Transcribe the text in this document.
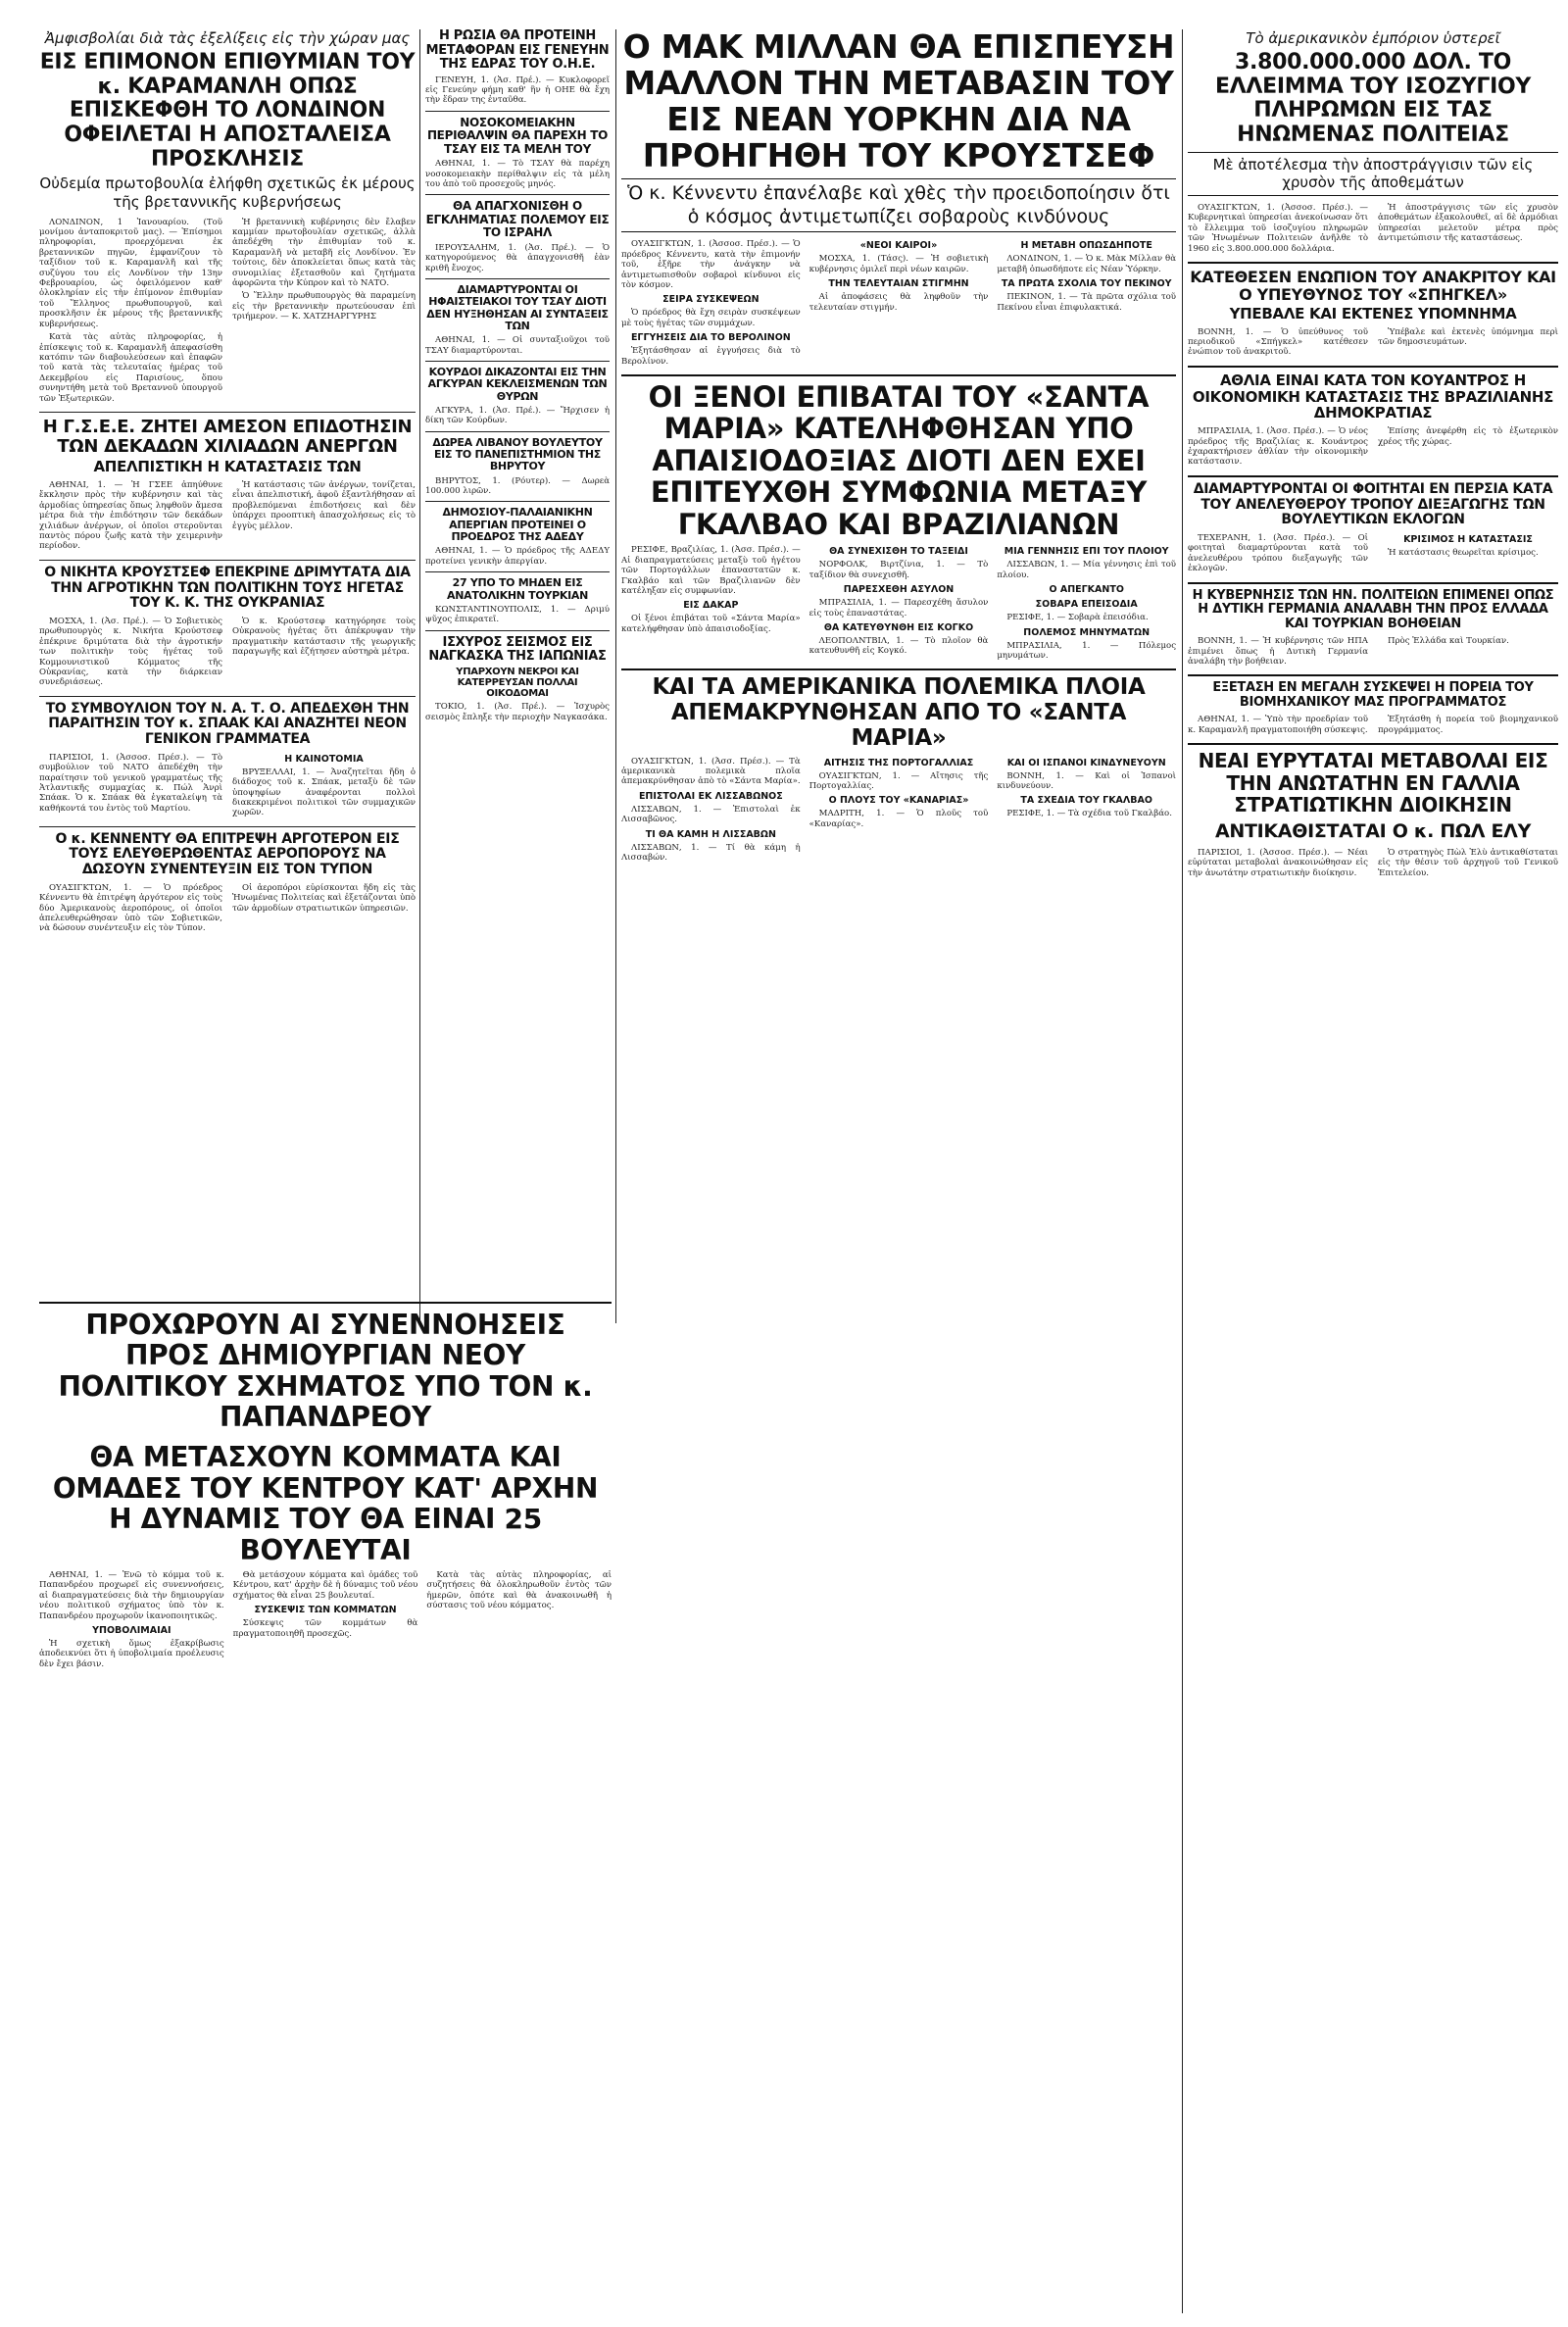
Ἀμφισβολίαι διὰ τὰς ἐξελίξεις εἰς τὴν χώραν μας
ΕΙΣ ΕΠΙΜΟΝΟΝ ΕΠΙΘΥΜΙΑΝ ΤΟΥ κ. ΚΑΡΑΜΑΝΛΗ ΟΠΩΣ ΕΠΙΣΚΕΦΘΗ ΤΟ ΛΟΝΔΙΝΟΝ ΟΦΕΙΛΕΤΑΙ Η ΑΠΟΣΤΑΛΕΙΣΑ ΠΡΟΣΚΛΗΣΙΣ
Οὐδεμία πρωτοβουλία ἐλήφθη σχετικῶς ἐκ μέρους τῆς βρεταννικῆς κυβερνήσεως

ΛΟΝΔΙΝΟΝ, 1 Ἰανουαρίου. (Τοῦ μονίμου ἀνταποκριτοῦ μας). — Ἐπίσημοι πληροφορίαι, προερχόμεναι ἐκ βρεταννικῶν πηγῶν, ἐμφανίζουν τὸ ταξίδιον τοῦ κ. Καραμανλῆ καὶ τῆς συζύγου του εἰς Λονδίνον τὴν 13ην Φεβρουαρίου, ὡς ὀφειλόμενον καθ' ὁλοκληρίαν εἰς τὴν ἐπίμονον ἐπιθυμίαν τοῦ Ἕλληνος πρωθυπουργοῦ, καὶ προσκλῆσιν ἐκ μέρους τῆς βρεταννικῆς κυβερνήσεως.

Κατὰ τὰς αὐτὰς πληροφορίας, ἡ ἐπίσκεψις τοῦ κ. Καραμανλῆ ἀπεφασίσθη κατόπιν τῶν διαβουλεύσεων καὶ ἐπαφῶν τοῦ κατὰ τὰς τελευταίας ἡμέρας τοῦ Δεκεμβρίου εἰς Παρισίους, ὅπου συνηντήθη μετὰ τοῦ Βρεταννοῦ ὑπουργοῦ τῶν Ἐξωτερικῶν.

Ἡ βρεταννικὴ κυβέρνησις δὲν ἔλαβεν καμμίαν πρωτοβουλίαν σχετικῶς, ἀλλὰ ἀπεδέχθη τὴν ἐπιθυμίαν τοῦ κ. Καραμανλῆ νὰ μεταβῆ εἰς Λονδίνον. Ἐν τούτοις, δὲν ἀποκλείεται ὅπως κατὰ τὰς συνομιλίας ἐξετασθοῦν καὶ ζητήματα ἀφορῶντα τὴν Κύπρον καὶ τὸ ΝΑΤΟ.

Ὁ Ἕλλην πρωθυπουργὸς θὰ παραμείνη εἰς τὴν βρεταννικὴν πρωτεύουσαν ἐπὶ τριήμερον. — Κ. ΧΑΤΖΗΑΡΓΥΡΗΣ

Η Γ.Σ.Ε.Ε. ΖΗΤΕΙ ΑΜΕΣΟΝ ΕΠΙΔΟΤΗΣΙΝ ΤΩΝ ΔΕΚΑΔΩΝ ΧΙΛΙΑΔΩΝ ΑΝΕΡΓΩΝ
ΑΠΕΛΠΙΣΤΙΚΗ Η ΚΑΤΑΣΤΑΣΙΣ ΤΩΝ

ΑΘΗΝΑΙ, 1. — Ἡ ΓΣΕΕ ἀπηύθυνε ἔκκλησιν πρὸς τὴν κυβέρνησιν καὶ τὰς ἁρμοδίας ὑπηρεσίας ὅπως ληφθοῦν ἄμεσα μέτρα διὰ τὴν ἐπιδότησιν τῶν δεκάδων χιλιάδων ἀνέργων, οἱ ὁποῖοι στεροῦνται παντὸς πόρου ζωῆς κατὰ τὴν χειμερινὴν περίοδον.

Ἡ κατάστασις τῶν ἀνέργων, τονίζεται, εἶναι ἀπελπιστική, ἀφοῦ ἐξαντλήθησαν αἱ προβλεπόμεναι ἐπιδοτήσεις καὶ δὲν ὑπάρχει προοπτικὴ ἀπασχολήσεως εἰς τὸ ἐγγὺς μέλλον.

Ο ΝΙΚΗΤΑ ΚΡΟΥΣΤΣΕΦ ΕΠΕΚΡΙΝΕ ΔΡΙΜΥΤΑΤΑ ΔΙΑ ΤΗΝ ΑΓΡΟΤΙΚΗΝ ΤΩΝ ΠΟΛΙΤΙΚΗΝ ΤΟΥΣ ΗΓΕΤΑΣ ΤΟΥ Κ. Κ. ΤΗΣ ΟΥΚΡΑΝΙΑΣ

ΜΟΣΧΑ, 1. (Ἀσ. Πρέ.). — Ὁ Σοβιετικὸς πρωθυπουργὸς κ. Νικήτα Κρούστσεφ ἐπέκρινε δριμύτατα διὰ τὴν ἀγροτικήν των πολιτικὴν τοὺς ἡγέτας τοῦ Κομμουνιστικοῦ Κόμματος τῆς Οὐκρανίας, κατὰ τὴν διάρκειαν συνεδριάσεως.

Ὁ κ. Κρούστσεφ κατηγόρησε τοὺς Οὐκρανοὺς ἡγέτας ὅτι ἀπέκρυψαν τὴν πραγματικὴν κατάστασιν τῆς γεωργικῆς παραγωγῆς καὶ ἐζήτησεν αὐστηρὰ μέτρα.

ΤΟ ΣΥΜΒΟΥΛΙΟΝ ΤΟΥ Ν. Α. Τ. Ο. ΑΠΕΔΕΧΘΗ ΤΗΝ ΠΑΡΑΙΤΗΣΙΝ ΤΟΥ κ. ΣΠΑΑΚ ΚΑΙ ΑΝΑΖΗΤΕΙ ΝΕΟΝ ΓΕΝΙΚΟΝ ΓΡΑΜΜΑΤΕΑ

ΠΑΡΙΣΙΟΙ, 1. (Ἀσσοσ. Πρέσ.). — Τὸ συμβούλιον τοῦ ΝΑΤΟ ἀπεδέχθη τὴν παραίτησιν τοῦ γενικοῦ γραμματέως τῆς Ἀτλαντικῆς συμμαχίας κ. Πώλ Ἀνρὶ Σπάακ. Ὁ κ. Σπάακ θὰ ἐγκαταλείψη τὰ καθήκοντά του ἐντὸς τοῦ Μαρτίου.

Η ΚΑΙΝΟΤΟΜΙΑ

ΒΡΥΞΕΛΛΑΙ, 1. — Ἀναζητεῖται ἤδη ὁ διάδοχος τοῦ κ. Σπάακ, μεταξὺ δὲ τῶν ὑποψηφίων ἀναφέρονται πολλοὶ διακεκριμένοι πολιτικοὶ τῶν συμμαχικῶν χωρῶν.

Ο κ. ΚΕΝΝΕΝΤΥ ΘΑ ΕΠΙΤΡΕΨΗ ΑΡΓΟΤΕΡΟΝ ΕΙΣ ΤΟΥΣ ΕΛΕΥΘΕΡΩΘΕΝΤΑΣ ΑΕΡΟΠΟΡΟΥΣ ΝΑ ΔΩΣΟΥΝ ΣΥΝΕΝΤΕΥΞΙΝ ΕΙΣ ΤΟΝ ΤΥΠΟΝ

ΟΥΑΣΙΓΚΤΩΝ, 1. — Ὁ πρόεδρος Κέννεντυ θὰ ἐπιτρέψη ἀργότερον εἰς τοὺς δύο Ἀμερικανοὺς ἀεροπόρους, οἱ ὁποῖοι ἀπελευθερώθησαν ὑπὸ τῶν Σοβιετικῶν, νὰ δώσουν συνέντευξιν εἰς τὸν Τύπον.

Οἱ ἀεροπόροι εὑρίσκονται ἤδη εἰς τὰς Ἡνωμένας Πολιτείας καὶ ἐξετάζονται ὑπὸ τῶν ἁρμοδίων στρατιωτικῶν ὑπηρεσιῶν.

Η ΡΩΣΙΑ ΘΑ ΠΡΟΤΕΙΝΗ ΜΕΤΑΦΟΡΑΝ ΕΙΣ ΓΕΝΕΥΗΝ ΤΗΣ ΕΔΡΑΣ ΤΟΥ Ο.Η.Ε.

ΓΕΝΕΥΗ, 1. (Ἀσ. Πρέ.). — Κυκλοφορεῖ εἰς Γενεύην φήμη καθ' ἣν ἡ ΟΗΕ θὰ ἔχη τὴν ἕδραν της ἐνταῦθα.

ΝΟΣΟΚΟΜΕΙΑΚΗΝ ΠΕΡΙΘΑΛΨΙΝ ΘΑ ΠΑΡΕΧΗ ΤΟ ΤΣΑΥ ΕΙΣ ΤΑ ΜΕΛΗ ΤΟΥ

ΑΘΗΝΑΙ, 1. — Τὸ ΤΣΑΥ θὰ παρέχη νοσοκομειακὴν περίθαλψιν εἰς τὰ μέλη του ἀπὸ τοῦ προσεχοῦς μηνός.

ΘΑ ΑΠΑΓΧΟΝΙΣΘΗ Ο ΕΓΚΛΗΜΑΤΙΑΣ ΠΟΛΕΜΟΥ ΕΙΣ ΤΟ ΙΣΡΑΗΛ

ΙΕΡΟΥΣΑΛΗΜ, 1. (Ἀσ. Πρέ.). — Ὁ κατηγορούμενος θὰ ἀπαγχονισθῆ ἐὰν κριθῆ ἔνοχος.

ΔΙΑΜΑΡΤΥΡΟΝΤΑΙ ΟΙ ΗΦΑΙΣΤΕΙΑΚΟΙ ΤΟΥ ΤΣΑΥ ΔΙΟΤΙ ΔΕΝ ΗΥΞΗΘΗΣΑΝ ΑΙ ΣΥΝΤΑΞΕΙΣ ΤΩΝ

ΑΘΗΝΑΙ, 1. — Οἱ συνταξιοῦχοι τοῦ ΤΣΑΥ διαμαρτύρονται.

ΚΟΥΡΔΟΙ ΔΙΚΑΖΟΝΤΑΙ ΕΙΣ ΤΗΝ ΑΓΚΥΡΑΝ ΚΕΚΛΕΙΣΜΕΝΩΝ ΤΩΝ ΘΥΡΩΝ

ΑΓΚΥΡΑ, 1. (Ἀσ. Πρέ.). — Ἤρχισεν ἡ δίκη τῶν Κούρδων.

ΔΩΡΕΑ ΛΙΒΑΝΟΥ ΒΟΥΛΕΥΤΟΥ ΕΙΣ ΤΟ ΠΑΝΕΠΙΣΤΗΜΙΟΝ ΤΗΣ ΒΗΡΥΤΟΥ

ΒΗΡΥΤΟΣ, 1. (Ρόυτερ). — Δωρεὰ 100.000 λιρῶν.

ΔΗΜΟΣΙΟΥ-ΠΑΛΑΙΑΝΙΚΗΝ ΑΠΕΡΓΙΑΝ ΠΡΟΤΕΙΝΕΙ Ο ΠΡΟΕΔΡΟΣ ΤΗΣ ΑΔΕΔΥ

ΑΘΗΝΑΙ, 1. — Ὁ πρόεδρος τῆς ΑΔΕΔΥ προτείνει γενικὴν ἀπεργίαν.

27 ΥΠΟ ΤΟ ΜΗΔΕΝ ΕΙΣ ΑΝΑΤΟΛΙΚΗΝ ΤΟΥΡΚΙΑΝ

ΚΩΝΣΤΑΝΤΙΝΟΥΠΟΛΙΣ, 1. — Δριμύ ψῦχος ἐπικρατεῖ.

ΙΣΧΥΡΟΣ ΣΕΙΣΜΟΣ ΕΙΣ ΝΑΓΚΑΣΚΑ ΤΗΣ ΙΑΠΩΝΙΑΣ
ΥΠΑΡΧΟΥΝ ΝΕΚΡΟΙ ΚΑΙ ΚΑΤΕΡΡΕΥΣΑΝ ΠΟΛΛΑΙ ΟΙΚΟΔΟΜΑΙ

ΤΟΚΙΟ, 1. (Ἀσ. Πρέ.). — Ἰσχυρὸς σεισμὸς ἔπληξε τὴν περιοχὴν Ναγκασάκα.

Ο ΜΑΚ ΜΙΛΛΑΝ ΘΑ ΕΠΙΣΠΕΥΣΗ ΜΑΛΛΟΝ ΤΗΝ ΜΕΤΑΒΑΣΙΝ ΤΟΥ ΕΙΣ ΝΕΑΝ ΥΟΡΚΗΝ ΔΙΑ ΝΑ ΠΡΟΗΓΗΘΗ ΤΟΥ ΚΡΟΥΣΤΣΕΦ
Ὁ κ. Κέννεντυ ἐπανέλαβε καὶ χθὲς τὴν προειδοποίησιν ὅτι ὁ κόσμος ἀντιμετωπίζει σοβαροὺς κινδύνους

ΟΥΑΣΙΓΚΤΩΝ, 1. (Ἀσσοσ. Πρέσ.). — Ὁ πρόεδρος Κέννεντυ, κατὰ τὴν ἐπιμονήν τοῦ, ἐξῆρε τὴν ἀνάγκην νὰ ἀντιμετωπισθοῦν σοβαροὶ κίνδυνοι εἰς τὸν κόσμον.

ΣΕΙΡΑ ΣΥΣΚΕΨΕΩΝ

Ὁ πρόεδρος θὰ ἔχη σειρὰν συσκέψεων μὲ τοὺς ἡγέτας τῶν συμμάχων.

ΕΓΓΥΗΣΕΙΣ ΔΙΑ ΤΟ ΒΕΡΟΛΙΝΟΝ

Ἐξητάσθησαν αἱ ἐγγυήσεις διὰ τὸ Βερολίνον.

«ΝΕΟΙ ΚΑΙΡΟΙ»

ΜΟΣΧΑ, 1. (Τάσς). — Ἡ σοβιετικὴ κυβέρνησις ὁμιλεῖ περὶ νέων καιρῶν.

ΤΗΝ ΤΕΛΕΥΤΑΙΑΝ ΣΤΙΓΜΗΝ

Αἱ ἀποφάσεις θὰ ληφθοῦν τὴν τελευταίαν στιγμήν.

Η ΜΕΤΑΒΗ ΟΠΩΣΔΗΠΟΤΕ

ΛΟΝΔΙΝΟΝ, 1. — Ὁ κ. Μὰκ Μίλλαν θὰ μεταβῆ ὁπωσδήποτε εἰς Νέαν Ὑόρκην.

ΤΑ ΠΡΩΤΑ ΣΧΟΛΙΑ ΤΟΥ ΠΕΚΙΝΟΥ

ΠΕΚΙΝΟΝ, 1. — Τὰ πρῶτα σχόλια τοῦ Πεκίνου εἶναι ἐπιφυλακτικά.

ΟΙ ΞΕΝΟΙ ΕΠΙΒΑΤΑΙ ΤΟΥ «ΣΑΝΤΑ ΜΑΡΙΑ» ΚΑΤΕΛΗΦΘΗΣΑΝ ΥΠΟ ΑΠΑΙΣΙΟΔΟΞΙΑΣ ΔΙΟΤΙ ΔΕΝ ΕΧΕΙ ΕΠΙΤΕΥΧΘΗ ΣΥΜΦΩΝΙΑ ΜΕΤΑΞΥ ΓΚΑΛΒΑΟ ΚΑΙ ΒΡΑΖΙΛΙΑΝΩΝ

ΡΕΣΙΦΕ, Βραζιλίας, 1. (Ἀσσ. Πρέσ.). — Αἱ διαπραγματεύσεις μεταξὺ τοῦ ἡγέτου τῶν Πορτογάλλων ἐπαναστατῶν κ. Γκαλβάο καὶ τῶν Βραζιλιανῶν δὲν κατέληξαν εἰς συμφωνίαν.

ΕΙΣ ΔΑΚΑΡ

Οἱ ξένοι ἐπιβάται τοῦ «Σάντα Μαρία» κατελήφθησαν ὑπὸ ἀπαισιοδοξίας.

ΘΑ ΣΥΝΕΧΙΣΘΗ ΤΟ ΤΑΞΕΙΔΙ

ΝΟΡΦΟΛΚ, Βιρτζίνια, 1. — Τὸ ταξίδιον θὰ συνεχισθῆ.

ΠΑΡΕΣΧΕΘΗ ΑΣΥΛΟΝ

ΜΠΡΑΣΙΛΙΑ, 1. — Παρεσχέθη ἄσυλον εἰς τοὺς ἐπαναστάτας.

ΘΑ ΚΑΤΕΥΘΥΝΘΗ ΕΙΣ ΚΟΓΚΟ

ΛΕΟΠΟΛΝΤΒΙΛ, 1. — Τὸ πλοῖον θὰ κατευθυνθῆ εἰς Κογκό.

ΜΙΑ ΓΕΝΝΗΣΙΣ ΕΠΙ ΤΟΥ ΠΛΟΙΟΥ

ΛΙΣΣΑΒΩΝ, 1. — Μία γέννησις ἐπὶ τοῦ πλοίου.

Ο ΑΠΕΓΚΑΝΤΟ
ΣΟΒΑΡΑ ΕΠΕΙΣΟΔΙΑ

ΡΕΣΙΦΕ, 1. — Σοβαρὰ ἐπεισόδια.

ΠΟΛΕΜΟΣ ΜΗΝΥΜΑΤΩΝ

ΜΠΡΑΣΙΛΙΑ, 1. — Πόλεμος μηνυμάτων.

ΚΑΙ ΤΑ ΑΜΕΡΙΚΑΝΙΚΑ ΠΟΛΕΜΙΚΑ ΠΛΟΙΑ ΑΠΕΜΑΚΡΥΝΘΗΣΑΝ ΑΠΟ ΤΟ «ΣΑΝΤΑ ΜΑΡΙΑ»

ΟΥΑΣΙΓΚΤΩΝ, 1. (Ἀσσ. Πρέσ.). — Τὰ ἀμερικανικὰ πολεμικὰ πλοῖα ἀπεμακρύνθησαν ἀπὸ τὸ «Σάντα Μαρία».

ΕΠΙΣΤΟΛΑΙ ΕΚ ΛΙΣΣΑΒΩΝΟΣ

ΛΙΣΣΑΒΩΝ, 1. — Ἐπιστολαὶ ἐκ Λισσαβῶνος.

ΤΙ ΘΑ ΚΑΜΗ Η ΛΙΣΣΑΒΩΝ

ΛΙΣΣΑΒΩΝ, 1. — Τί θὰ κάμη ἡ Λισσαβών.

ΑΙΤΗΣΙΣ ΤΗΣ ΠΟΡΤΟΓΑΛΛΙΑΣ

ΟΥΑΣΙΓΚΤΩΝ, 1. — Αἴτησις τῆς Πορτογαλλίας.

Ο ΠΛΟΥΣ ΤΟΥ «ΚΑΝΑΡΙΑΣ»

ΜΑΔΡΙΤΗ, 1. — Ὁ πλοῦς τοῦ «Καναρίας».

ΚΑΙ ΟΙ ΙΣΠΑΝΟΙ ΚΙΝΔΥΝΕΥΟΥΝ

ΒΟΝΝΗ, 1. — Καὶ οἱ Ἰσπανοὶ κινδυνεύουν.

ΤΑ ΣΧΕΔΙΑ ΤΟΥ ΓΚΑΛΒΑΟ

ΡΕΣΙΦΕ, 1. — Τὰ σχέδια τοῦ Γκαλβάο.

ΠΡΟΧΩΡΟΥΝ ΑΙ ΣΥΝΕΝΝΟΗΣΕΙΣ ΠΡΟΣ ΔΗΜΙΟΥΡΓΙΑΝ ΝΕΟΥ ΠΟΛΙΤΙΚΟΥ ΣΧΗΜΑΤΟΣ ΥΠΟ ΤΟΝ κ. ΠΑΠΑΝΔΡΕΟΥ
ΘΑ ΜΕΤΑΣΧΟΥΝ ΚΟΜΜΑΤΑ ΚΑΙ ΟΜΑΔΕΣ ΤΟΥ ΚΕΝΤΡΟΥ ΚΑΤ' ΑΡΧΗΝ Η ΔΥΝΑΜΙΣ ΤΟΥ ΘΑ ΕΙΝΑΙ 25 ΒΟΥΛΕΥΤΑΙ

ΑΘΗΝΑΙ, 1. — Ἐνῶ τὸ κόμμα τοῦ κ. Παπανδρέου προχωρεῖ εἰς συνεννοήσεις, αἱ διαπραγματεύσεις διὰ τὴν δημιουργίαν νέου πολιτικοῦ σχήματος ὑπὸ τὸν κ. Παπανδρέου προχωροῦν ἱκανοποιητικῶς.

ΥΠΟΒΟΛΙΜΑΙΑΙ

Ἡ σχετικὴ ὅμως ἐξακρίβωσις ἀποδεικνύει ὅτι ἡ ὑποβολιμαία προέλευσις δὲν ἔχει βάσιν.

Θὰ μετάσχουν κόμματα καὶ ὁμάδες τοῦ Κέντρου, κατ' ἀρχὴν δὲ ἡ δύναμις τοῦ νέου σχήματος θὰ εἶναι 25 βουλευταί.

ΣΥΣΚΕΨΙΣ ΤΩΝ ΚΟΜΜΑΤΩΝ

Σύσκεψις τῶν κομμάτων θὰ πραγματοποιηθῆ προσεχῶς.

Κατὰ τὰς αὐτὰς πληροφορίας, αἱ συζητήσεις θὰ ὁλοκληρωθοῦν ἐντὸς τῶν ἡμερῶν, ὁπότε καὶ θὰ ἀνακοινωθῆ ἡ σύστασις τοῦ νέου κόμματος.

Τὸ ἀμερικανικὸν ἐμπόριον ὑστερεῖ
3.800.000.000 ΔΟΛ. ΤΟ ΕΛΛΕΙΜΜΑ ΤΟΥ ΙΣΟΖΥΓΙΟΥ ΠΛΗΡΩΜΩΝ ΕΙΣ ΤΑΣ ΗΝΩΜΕΝΑΣ ΠΟΛΙΤΕΙΑΣ
Μὲ ἀποτέλεσμα τὴν ἀποστράγγισιν τῶν εἰς χρυσὸν τῆς ἀποθεμάτων

ΟΥΑΣΙΓΚΤΩΝ, 1. (Ἀσσοσ. Πρέσ.). — Κυβερνητικαὶ ὑπηρεσίαι ἀνεκοίνωσαν ὅτι τὸ ἔλλειμμα τοῦ ἰσοζυγίου πληρωμῶν τῶν Ἡνωμένων Πολιτειῶν ἀνῆλθε τὸ 1960 εἰς 3.800.000.000 δολλάρια.

Ἡ ἀποστράγγισις τῶν εἰς χρυσὸν ἀποθεμάτων ἐξακολουθεῖ, αἱ δὲ ἁρμόδιαι ὑπηρεσίαι μελετοῦν μέτρα πρὸς ἀντιμετώπισιν τῆς καταστάσεως.

ΚΑΤΕΘΕΣΕΝ ΕΝΩΠΙΟΝ ΤΟΥ ΑΝΑΚΡΙΤΟΥ ΚΑΙ Ο ΥΠΕΥΘΥΝΟΣ ΤΟΥ «ΣΠΗΓΚΕΛ»
ΥΠΕΒΑΛΕ ΚΑΙ ΕΚΤΕΝΕΣ ΥΠΟΜΝΗΜΑ

ΒΟΝΝΗ, 1. — Ὁ ὑπεύθυνος τοῦ περιοδικοῦ «Σπήγκελ» κατέθεσεν ἐνώπιον τοῦ ἀνακριτοῦ.

Ὑπέβαλε καὶ ἐκτενὲς ὑπόμνημα περὶ τῶν δημοσιευμάτων.

ΑΘΛΙΑ ΕΙΝΑΙ ΚΑΤΑ ΤΟΝ ΚΟΥΑΝΤΡΟΣ Η ΟΙΚΟΝΟΜΙΚΗ ΚΑΤΑΣΤΑΣΙΣ ΤΗΣ ΒΡΑΖΙΛΙΑΝΗΣ ΔΗΜΟΚΡΑΤΙΑΣ

ΜΠΡΑΣΙΛΙΑ, 1. (Ἀσσ. Πρέσ.). — Ὁ νέος πρόεδρος τῆς Βραζιλίας κ. Κουάντρος ἐχαρακτήρισεν ἀθλίαν τὴν οἰκονομικὴν κατάστασιν.

Ἐπίσης ἀνεφέρθη εἰς τὸ ἐξωτερικὸν χρέος τῆς χώρας.

ΔΙΑΜΑΡΤΥΡΟΝΤΑΙ ΟΙ ΦΟΙΤΗΤΑΙ ΕΝ ΠΕΡΣΙΑ ΚΑΤΑ ΤΟΥ ΑΝΕΛΕΥΘΕΡΟΥ ΤΡΟΠΟΥ ΔΙΕΞΑΓΩΓΗΣ ΤΩΝ ΒΟΥΛΕΥΤΙΚΩΝ ΕΚΛΟΓΩΝ

ΤΕΧΕΡΑΝΗ, 1. (Ἀσσ. Πρέσ.). — Οἱ φοιτηταὶ διαμαρτύρονται κατὰ τοῦ ἀνελευθέρου τρόπου διεξαγωγῆς τῶν ἐκλογῶν.

ΚΡΙΣΙΜΟΣ Η ΚΑΤΑΣΤΑΣΙΣ

Ἡ κατάστασις θεωρεῖται κρίσιμος.

Η ΚΥΒΕΡΝΗΣΙΣ ΤΩΝ ΗΝ. ΠΟΛΙΤΕΙΩΝ ΕΠΙΜΕΝΕΙ ΟΠΩΣ Η ΔΥΤΙΚΗ ΓΕΡΜΑΝΙΑ ΑΝΑΛΑΒΗ ΤΗΝ ΠΡΟΣ ΕΛΛΑΔΑ ΚΑΙ ΤΟΥΡΚΙΑΝ ΒΟΗΘΕΙΑΝ

ΒΟΝΝΗ, 1. — Ἡ κυβέρνησις τῶν ΗΠΑ ἐπιμένει ὅπως ἡ Δυτικὴ Γερμανία ἀναλάβη τὴν βοήθειαν.

Πρὸς Ἑλλάδα καὶ Τουρκίαν.

ΕΞΕΤΑΣΗ ΕΝ ΜΕΓΑΛΗ ΣΥΣΚΕΨΕΙ Η ΠΟΡΕΙΑ ΤΟΥ ΒΙΟΜΗΧΑΝΙΚΟΥ ΜΑΣ ΠΡΟΓΡΑΜΜΑΤΟΣ

ΑΘΗΝΑΙ, 1. — Ὑπὸ τὴν προεδρίαν τοῦ κ. Καραμανλῆ πραγματοποιήθη σύσκεψις.

Ἐξητάσθη ἡ πορεία τοῦ βιομηχανικοῦ προγράμματος.

ΝΕΑΙ ΕΥΡΥΤΑΤΑΙ ΜΕΤΑΒΟΛΑΙ ΕΙΣ ΤΗΝ ΑΝΩΤΑΤΗΝ ΕΝ ΓΑΛΛΙΑ ΣΤΡΑΤΙΩΤΙΚΗΝ ΔΙΟΙΚΗΣΙΝ
ΑΝΤΙΚΑΘΙΣΤΑΤΑΙ Ο κ. ΠΩΛ ΕΛΥ

ΠΑΡΙΣΙΟΙ, 1. (Ἀσσοσ. Πρέσ.). — Νέαι εὐρύταται μεταβολαὶ ἀνακοινώθησαν εἰς τὴν ἀνωτάτην στρατιωτικὴν διοίκησιν.

Ὁ στρατηγὸς Πὼλ Ἐλὺ ἀντικαθίσταται εἰς τὴν θέσιν τοῦ ἀρχηγοῦ τοῦ Γενικοῦ Ἐπιτελείου.
